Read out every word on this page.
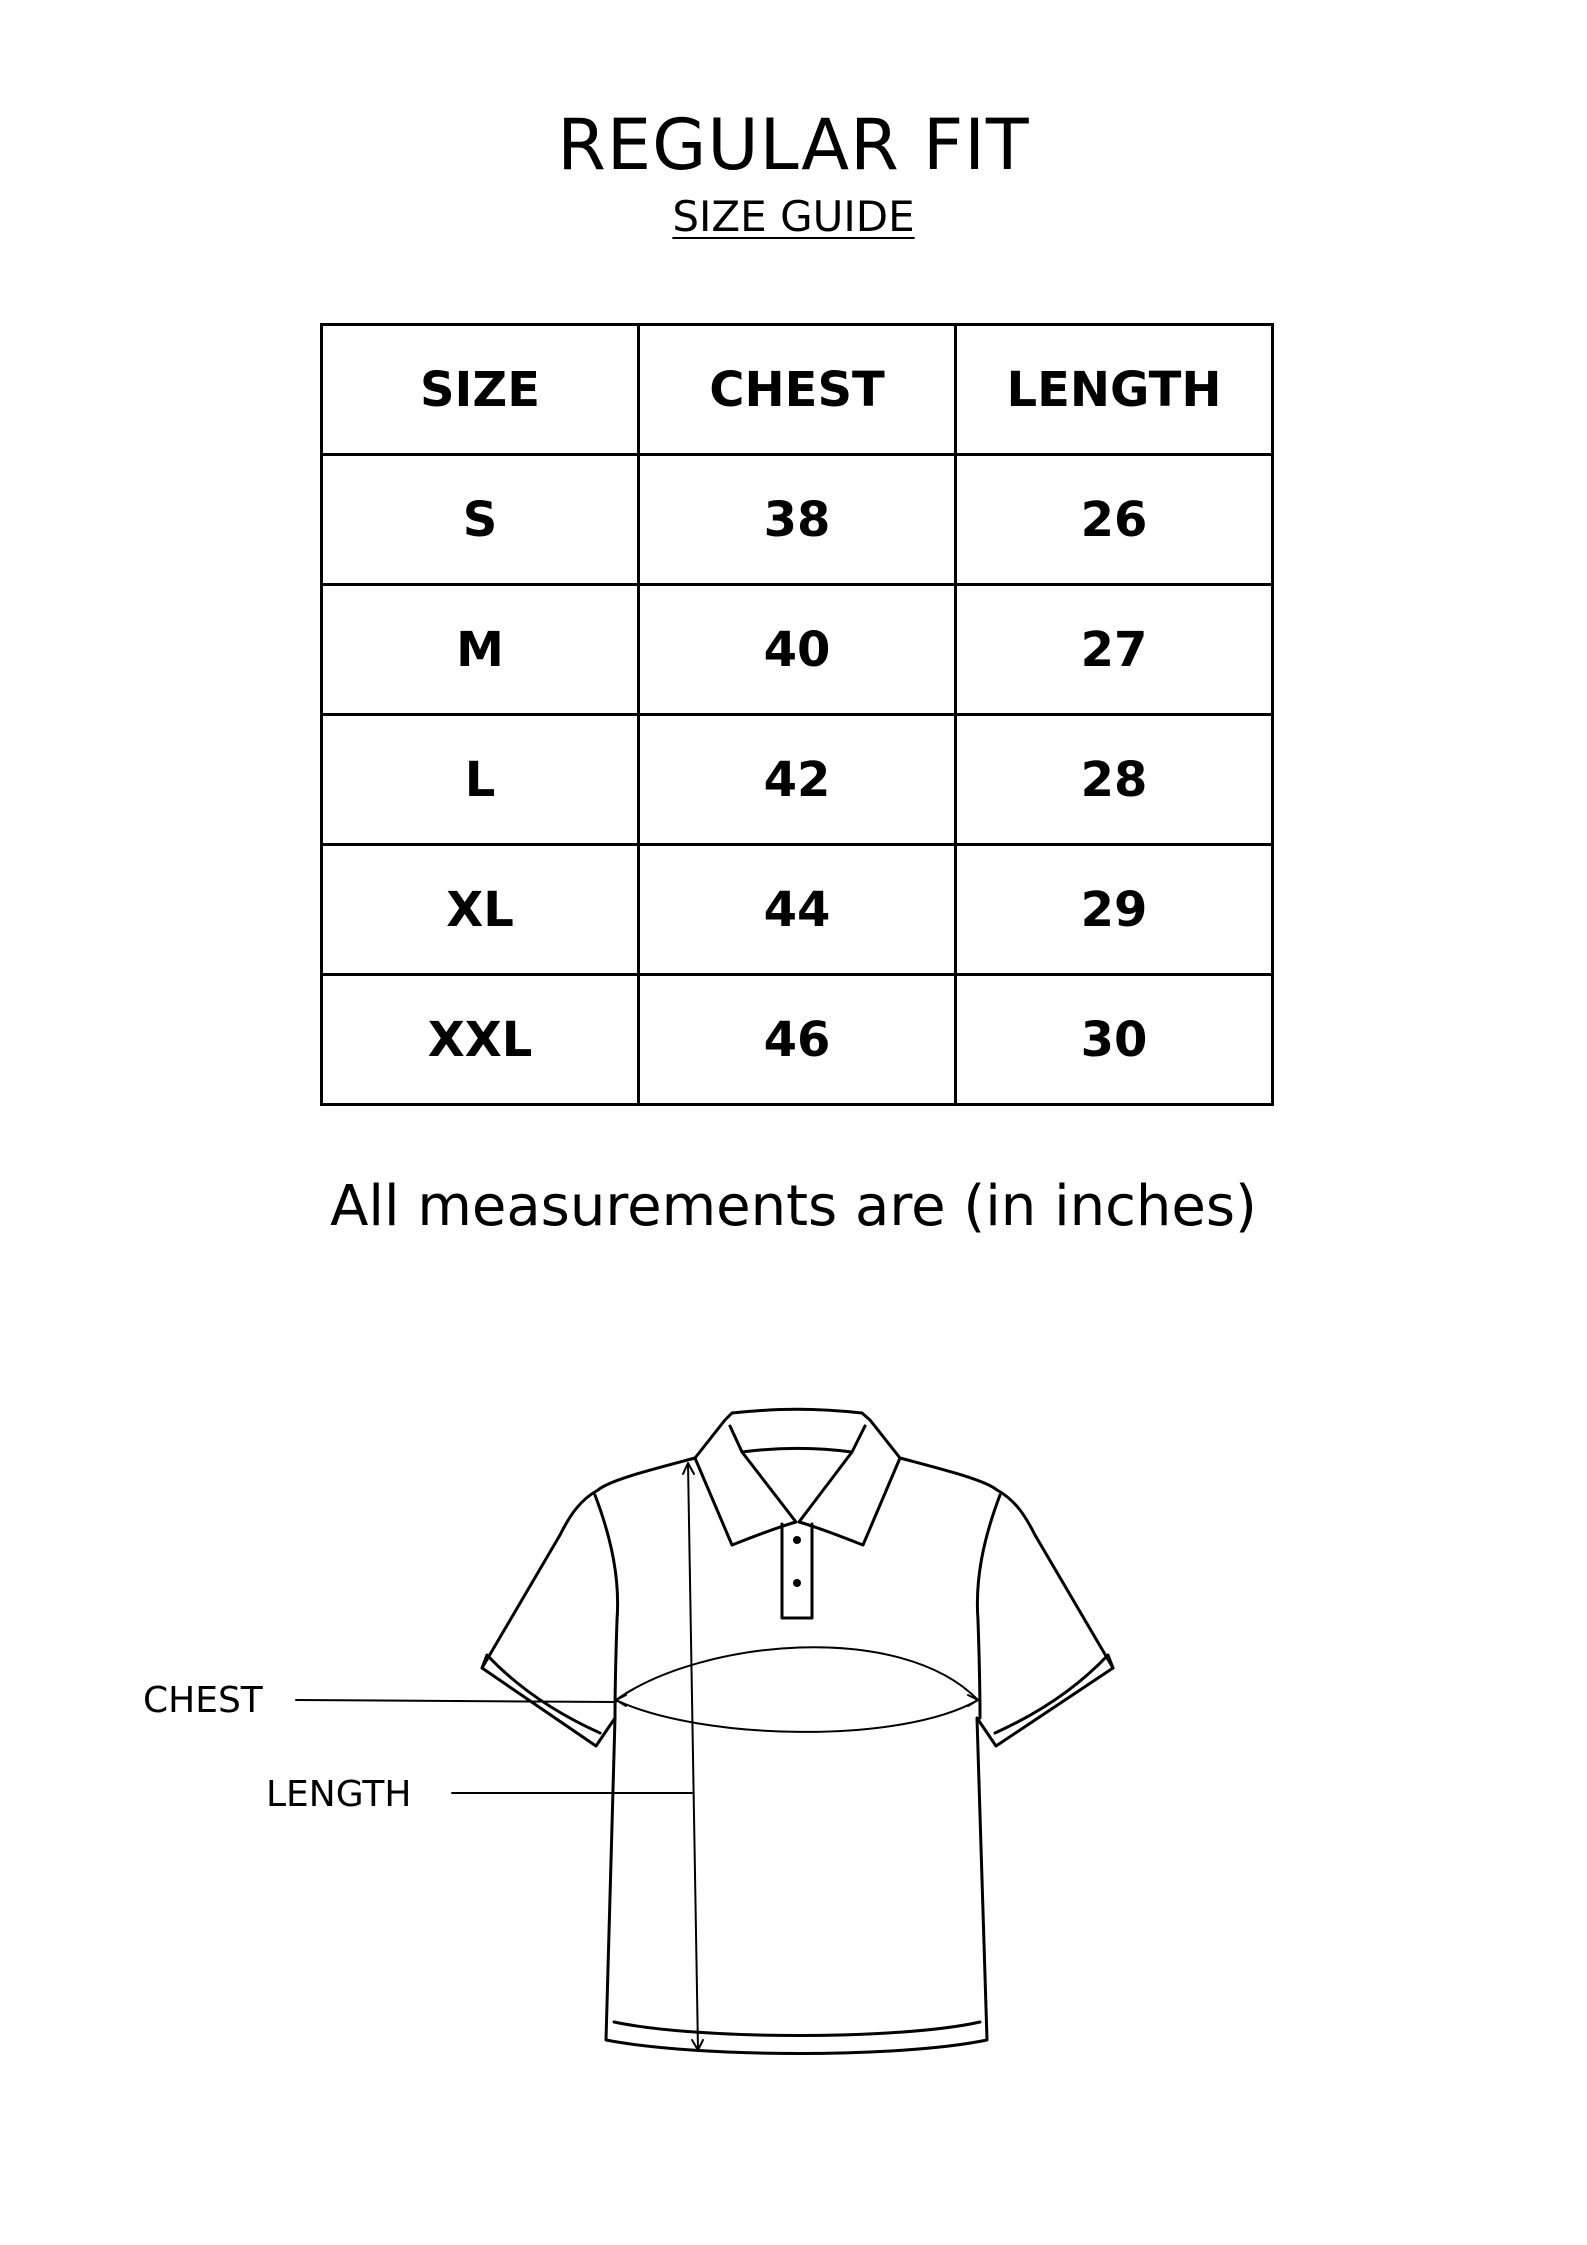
REGULAR FIT
SIZE GUIDE
SIZE	CHEST	LENGTH
S	38	26
M	40	27
L	42	28
XL	44	29
XXL	46	30
All measurements are (in inches)
CHEST
LENGTH
